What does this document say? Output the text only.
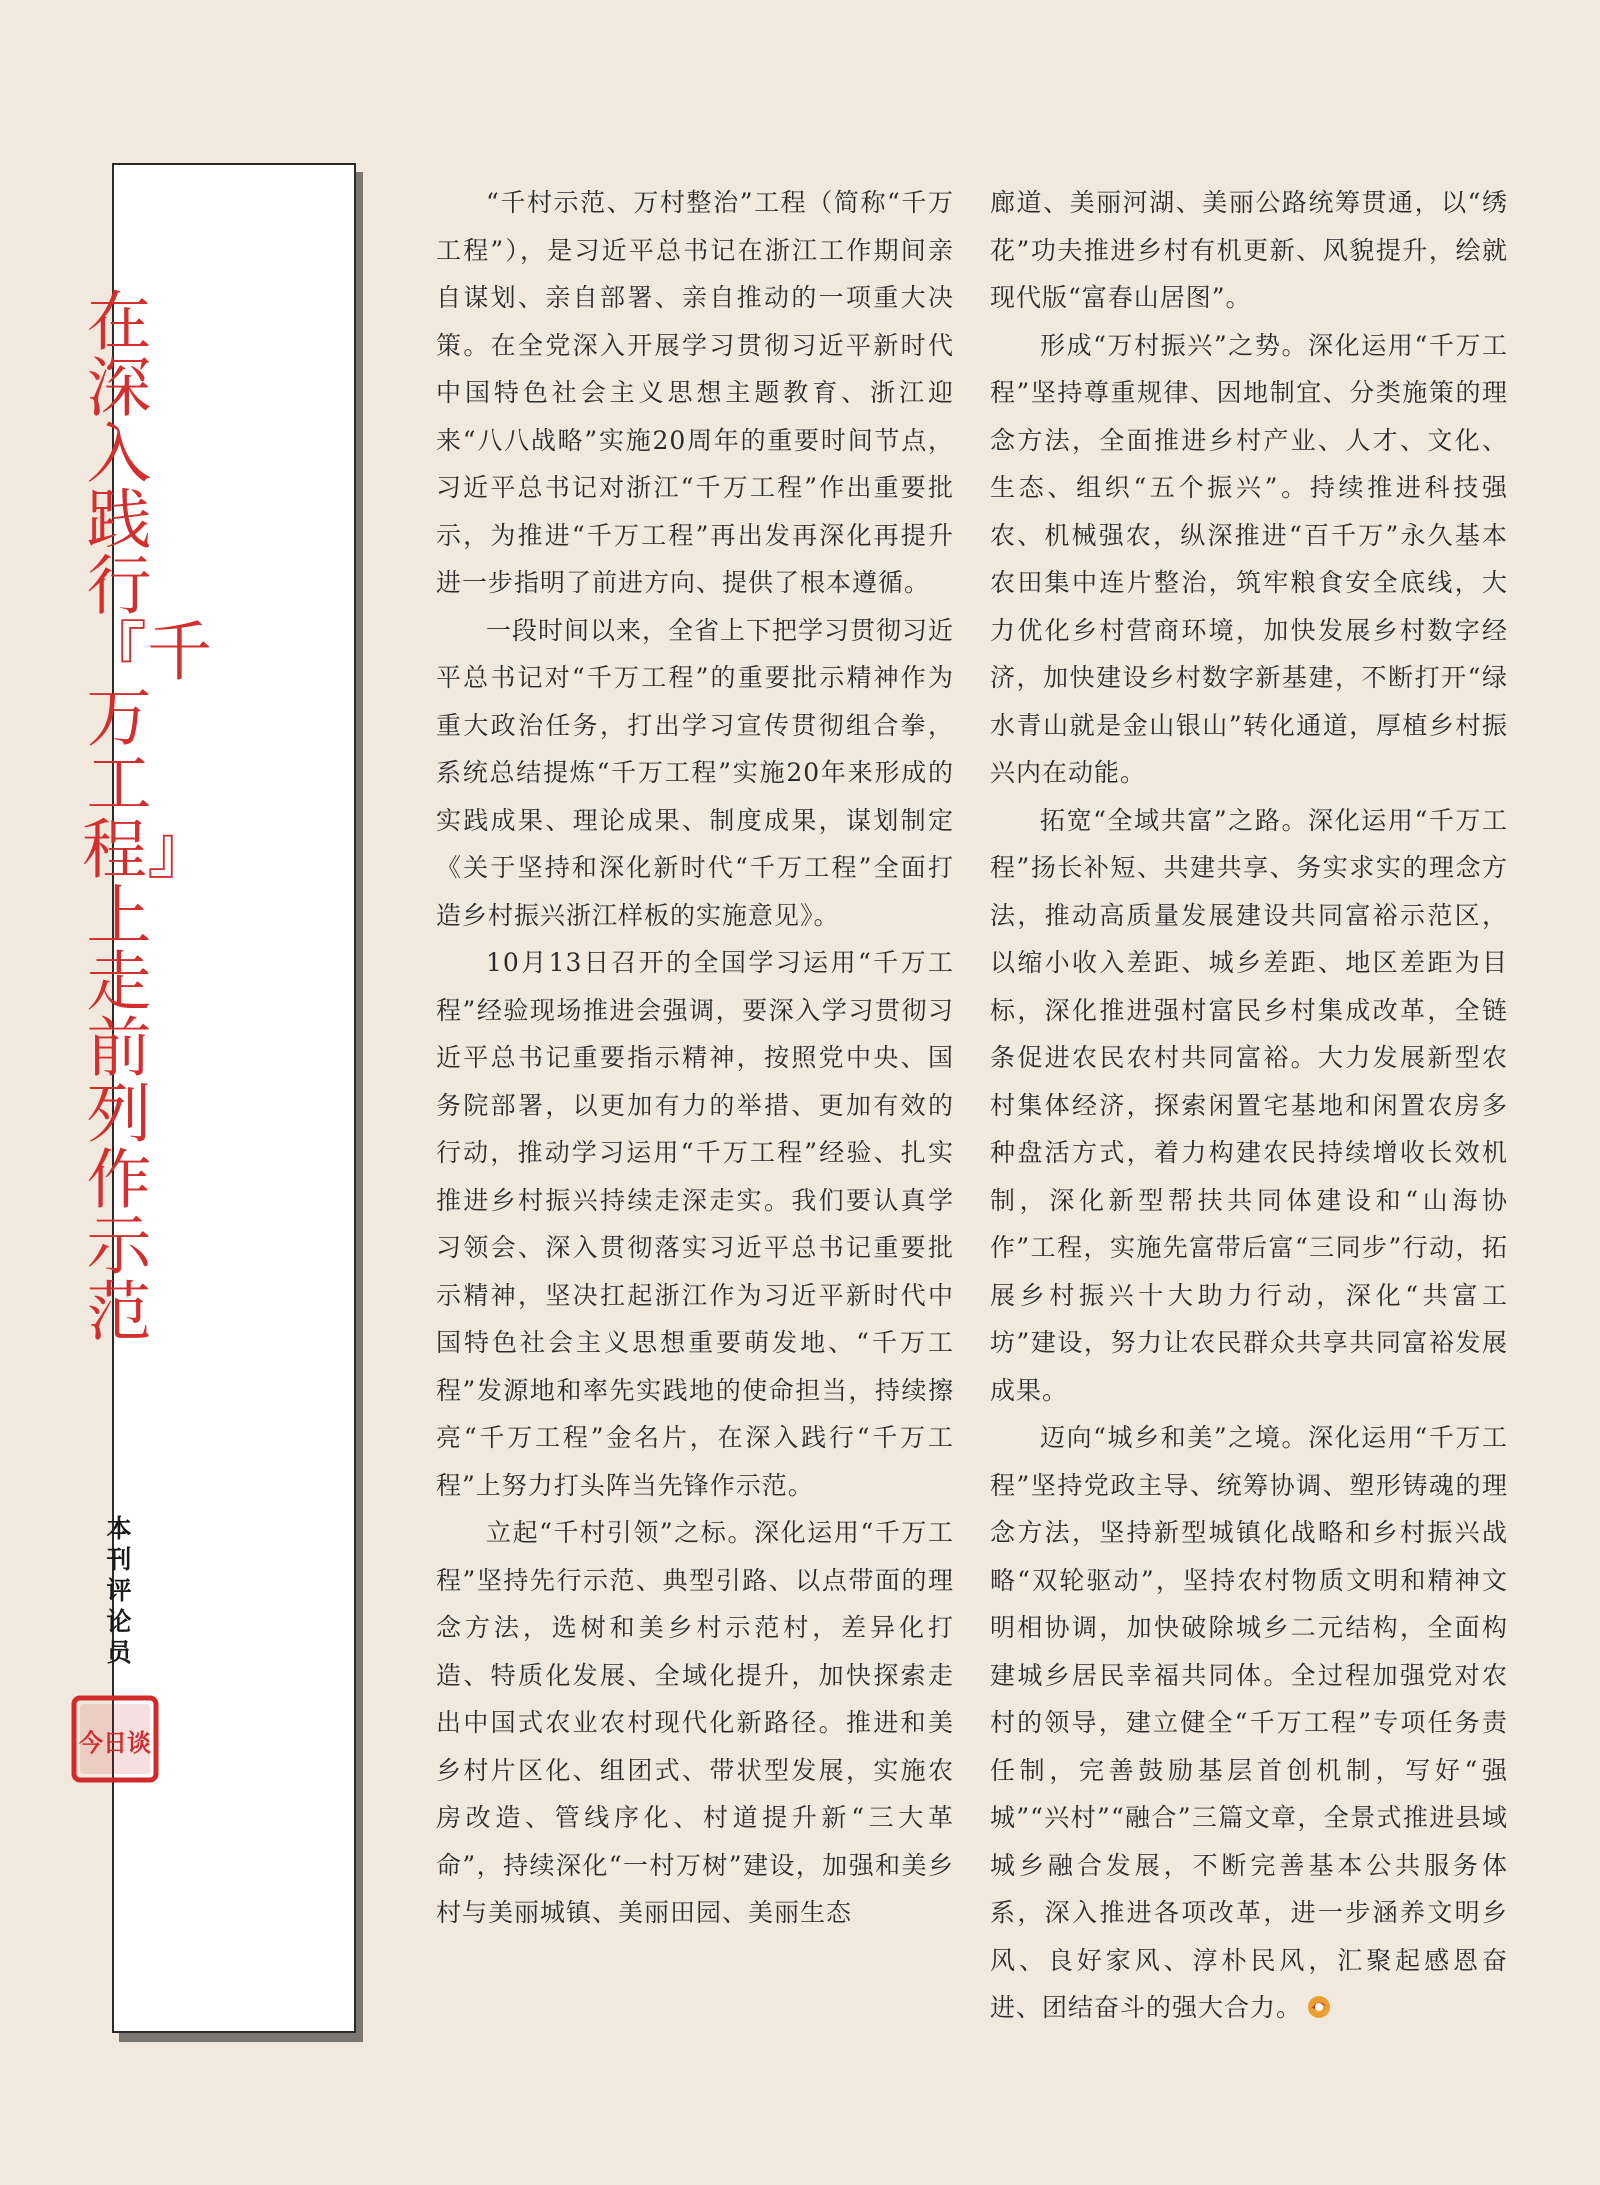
在深入践行『千万工程』上走前列作示范
本刊评论员
今日谈

“千村示范、万村整治”工程（简称“千万工程”），是习近平总书记在浙江工作期间亲自谋划、亲自部署、亲自推动的一项重大决策。在全党深入开展学习贯彻习近平新时代中国特色社会主义思想主题教育、浙江迎来“八八战略”实施20周年的重要时间节点，习近平总书记对浙江“千万工程”作出重要批示，为推进“千万工程”再出发再深化再提升进一步指明了前进方向、提供了根本遵循。

一段时间以来，全省上下把学习贯彻习近平总书记对“千万工程”的重要批示精神作为重大政治任务，打出学习宣传贯彻组合拳，系统总结提炼“千万工程”实施20年来形成的实践成果、理论成果、制度成果，谋划制定《关于坚持和深化新时代“千万工程”全面打造乡村振兴浙江样板的实施意见》。

10月13日召开的全国学习运用“千万工程”经验现场推进会强调，要深入学习贯彻习近平总书记重要指示精神，按照党中央、国务院部署，以更加有力的举措、更加有效的行动，推动学习运用“千万工程”经验、扎实推进乡村振兴持续走深走实。我们要认真学习领会、深入贯彻落实习近平总书记重要批示精神，坚决扛起浙江作为习近平新时代中国特色社会主义思想重要萌发地、“千万工程”发源地和率先实践地的使命担当，持续擦亮“千万工程”金名片，在深入践行“千万工程”上努力打头阵当先锋作示范。

立起“千村引领”之标。深化运用“千万工程”坚持先行示范、典型引路、以点带面的理念方法，选树和美乡村示范村，差异化打造、特质化发展、全域化提升，加快探索走出中国式农业农村现代化新路径。推进和美乡村片区化、组团式、带状型发展，实施农房改造、管线序化、村道提升新“三大革命”，持续深化“一村万树”建设，加强和美乡村与美丽城镇、美丽田园、美丽生态

廊道、美丽河湖、美丽公路统筹贯通，以“绣花”功夫推进乡村有机更新、风貌提升，绘就现代版“富春山居图”。

形成“万村振兴”之势。深化运用“千万工程”坚持尊重规律、因地制宜、分类施策的理念方法，全面推进乡村产业、人才、文化、生态、组织“五个振兴”。持续推进科技强农、机械强农，纵深推进“百千万”永久基本农田集中连片整治，筑牢粮食安全底线，大力优化乡村营商环境，加快发展乡村数字经济，加快建设乡村数字新基建，不断打开“绿水青山就是金山银山”转化通道，厚植乡村振兴内在动能。

拓宽“全域共富”之路。深化运用“千万工程”扬长补短、共建共享、务实求实的理念方法，推动高质量发展建设共同富裕示范区，以缩小收入差距、城乡差距、地区差距为目标，深化推进强村富民乡村集成改革，全链条促进农民农村共同富裕。大力发展新型农村集体经济，探索闲置宅基地和闲置农房多种盘活方式，着力构建农民持续增收长效机制，深化新型帮扶共同体建设和“山海协作”工程，实施先富带后富“三同步”行动，拓展乡村振兴十大助力行动，深化“共富工坊”建设，努力让农民群众共享共同富裕发展成果。

迈向“城乡和美”之境。深化运用“千万工程”坚持党政主导、统筹协调、塑形铸魂的理念方法，坚持新型城镇化战略和乡村振兴战略“双轮驱动”，坚持农村物质文明和精神文明相协调，加快破除城乡二元结构，全面构建城乡居民幸福共同体。全过程加强党对农村的领导，建立健全“千万工程”专项任务责任制，完善鼓励基层首创机制，写好“强城”“兴村”“融合”三篇文章，全景式推进县域城乡融合发展，不断完善基本公共服务体系，深入推进各项改革，进一步涵养文明乡风、良好家风、淳朴民风，汇聚起感恩奋进、团结奋斗的强大合力。
